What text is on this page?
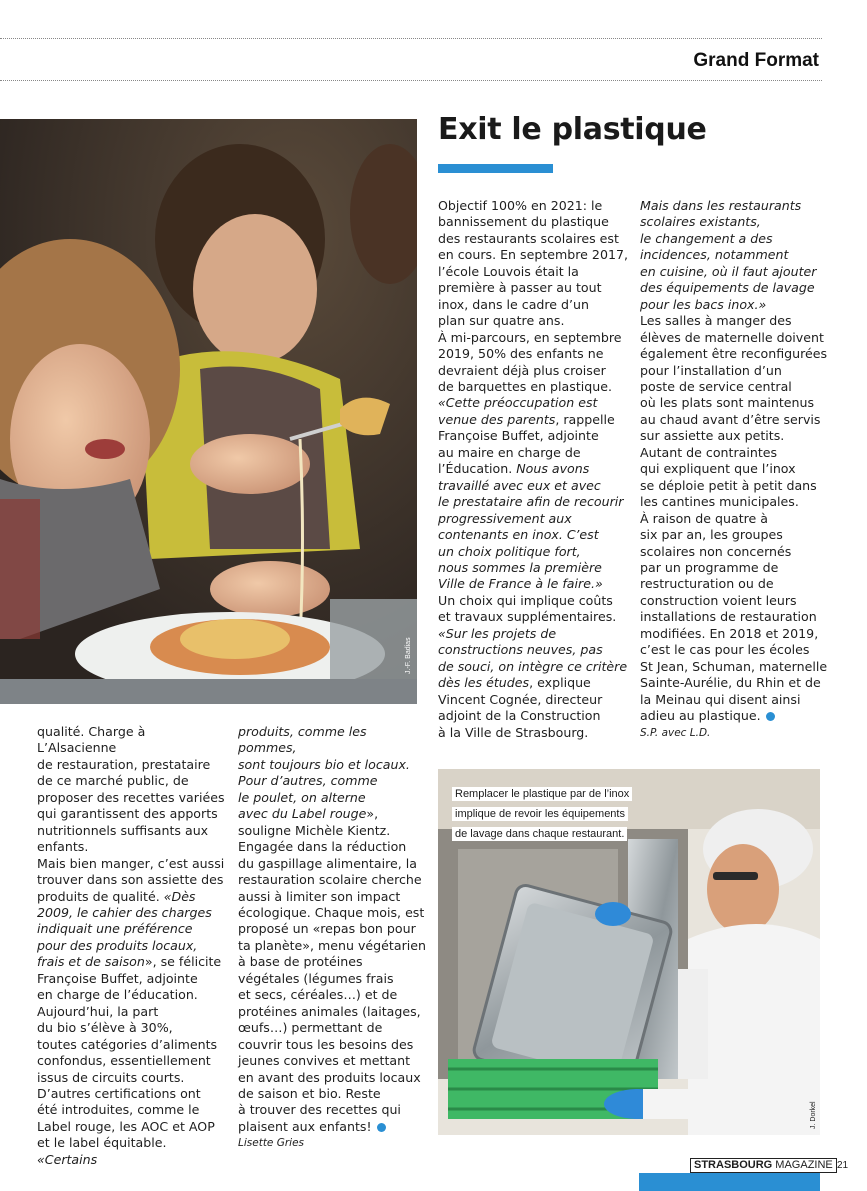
Grand Format
J.-F. Badias
Exit le plastique

Objectif 100% en 2021: le

bannissement du plastique

des restaurants scolaires est

en cours. En septembre 2017,

l’école Louvois était la

première à passer au tout

inox, dans le cadre d’un

plan sur quatre ans.

À mi-parcours, en septembre

2019, 50% des enfants ne

devraient déjà plus croiser

de barquettes en plastique.

«Cette préoccupation est

venue des parents, rappelle

Françoise Buffet, adjointe

au maire en charge de

l’Éducation. Nous avons

travaillé avec eux et avec

le prestataire afin de recourir

progressivement aux

contenants en inox. C’est

un choix politique fort,

nous sommes la première

Ville de France à le faire.»

Un choix qui implique coûts

et travaux supplémentaires.

«Sur les projets de

constructions neuves, pas

de souci, on intègre ce critère

dès les études, explique

Vincent Cognée, directeur

adjoint de la Construction

à la Ville de Strasbourg.

Mais dans les restaurants

scolaires existants,

le changement a des

incidences, notamment

en cuisine, où il faut ajouter

des équipements de lavage

pour les bacs inox.»

Les salles à manger des

élèves de maternelle doivent

également être reconfigurées

pour l’installation d’un

poste de service central

où les plats sont maintenus

au chaud avant d’être servis

sur assiette aux petits.

Autant de contraintes

qui expliquent que l’inox

se déploie petit à petit dans

les cantines municipales.

À raison de quatre à

six par an, les groupes

scolaires non concernés

par un programme de

restructuration ou de

construction voient leurs

installations de restauration

modifiées. En 2018 et 2019,

c’est le cas pour les écoles

St Jean, Schuman, maternelle

Sainte-Aurélie, du Rhin et de

la Meinau qui disent ainsi

adieu au plastique.

S.P. avec L.D.

qualité. Charge à L’Alsacienne

de restauration, prestataire

de ce marché public, de

proposer des recettes variées

qui garantissent des apports

nutritionnels suffisants aux

enfants.

Mais bien manger, c’est aussi

trouver dans son assiette des

produits de qualité. «Dès

2009, le cahier des charges

indiquait une préférence

pour des produits locaux,

frais et de saison», se félicite

Françoise Buffet, adjointe

en charge de l’éducation.

Aujourd’hui, la part

du bio s’élève à 30%,

toutes catégories d’aliments

confondus, essentiellement

issus de circuits courts.

D’autres certifications ont

été introduites, comme le

Label rouge, les AOC et AOP

et le label équitable. «Certains

produits, comme les pommes,

sont toujours bio et locaux.

Pour d’autres, comme

le poulet, on alterne

avec du Label rouge»,

souligne Michèle Kientz.

Engagée dans la réduction

du gaspillage alimentaire, la

restauration scolaire cherche

aussi à limiter son impact

écologique. Chaque mois, est

proposé un «repas bon pour

ta planète», menu végétarien

à base de protéines

végétales (légumes frais

et secs, céréales…) et de

protéines animales (laitages,

œufs…) permettant de

couvrir tous les besoins des

jeunes convives et mettant

en avant des produits locaux

de saison et bio. Reste

à trouver des recettes qui

plaisent aux enfants!

Lisette Gries

J. Dorkel
Remplacer le plastique par de l’inox
implique de revoir les équipements
de lavage dans chaque restaurant.
STRASBOURG MAGAZINE 21
